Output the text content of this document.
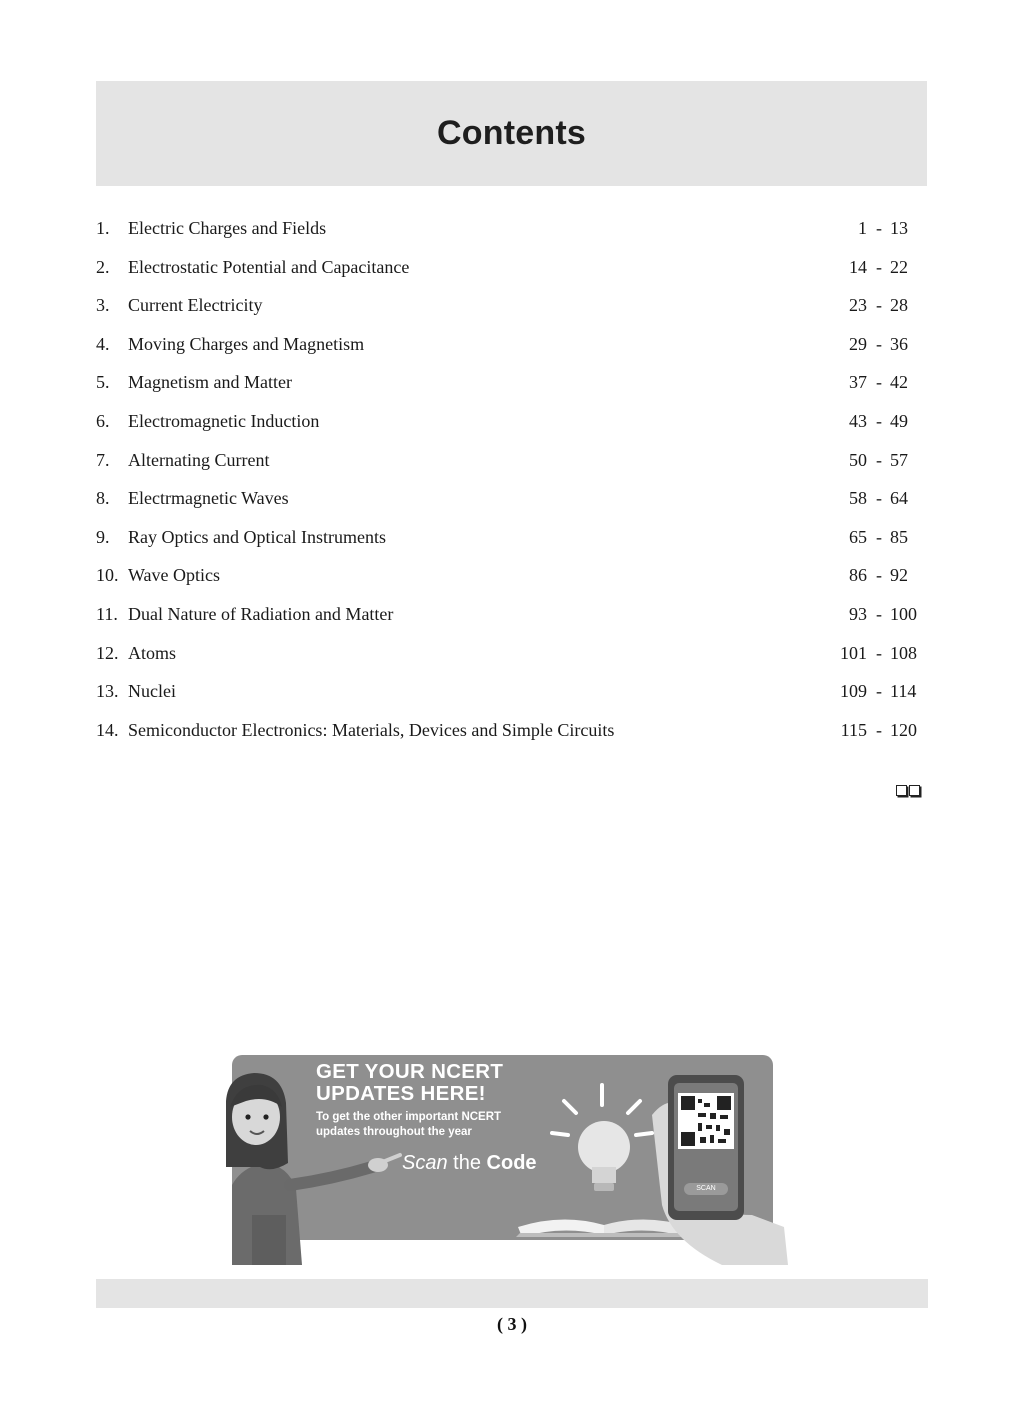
Contents
1. Electric Charges and Fields	1 - 13
2. Electrostatic Potential and Capacitance	14 - 22
3. Current Electricity	23 - 28
4. Moving Charges and Magnetism	29 - 36
5. Magnetism and Matter	37 - 42
6. Electromagnetic Induction	43 - 49
7. Alternating Current	50 - 57
8. Electrmagnetic Waves	58 - 64
9. Ray Optics and Optical Instruments	65 - 85
10. Wave Optics	86 - 92
11. Dual Nature of Radiation and Matter	93 - 100
12. Atoms	101 - 108
13. Nuclei	109 - 114
14. Semiconductor Electronics: Materials, Devices and Simple Circuits	115 - 120
GET YOUR NCERT
UPDATES HERE!
To get the other important NCERT
updates throughout the year
Scan the Code
SCAN
( 3 )
